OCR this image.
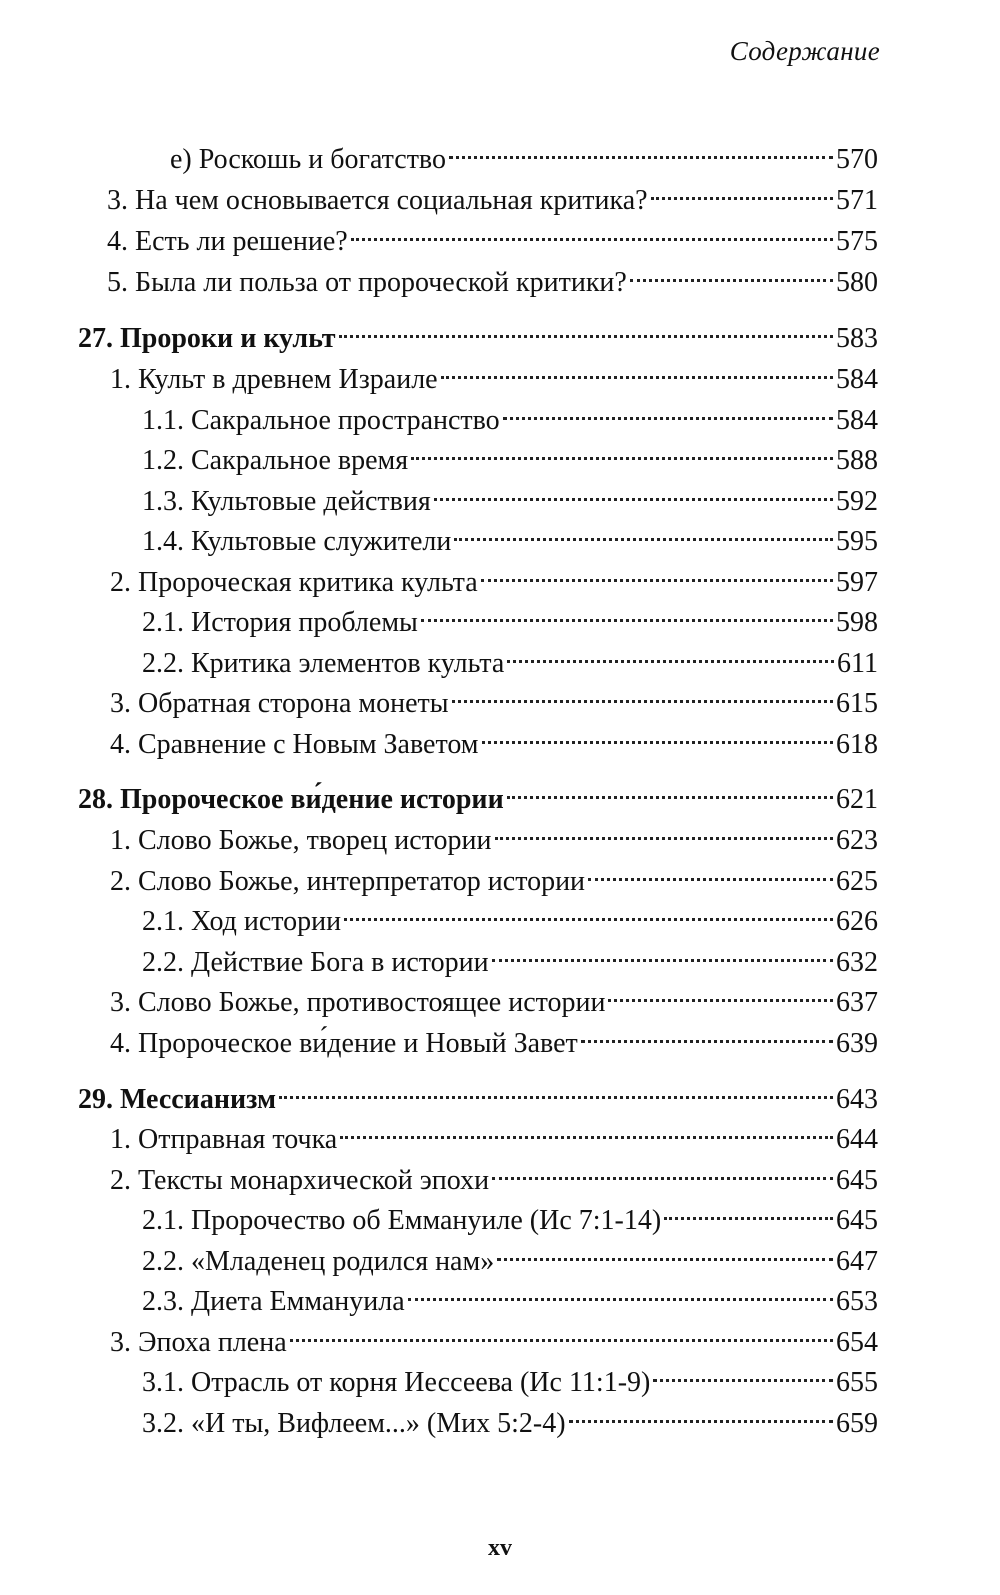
Содержание
е) Роскошь и богатство	570
3. На чем основывается социальная критика?	571
4. Есть ли решение?	575
5. Была ли польза от пророческой критики?	580
27. Пророки и культ	583
1. Культ в древнем Израиле	584
1.1. Сакральное пространство	584
1.2. Сакральное время	588
1.3. Культовые действия	592
1.4. Культовые служители	595
2. Пророческая критика культа	597
2.1. История проблемы	598
2.2. Критика элементов культа	611
3. Обратная сторона монеты	615
4. Сравнение с Новым Заветом	618
28. Пророческое ви́дение истории	621
1. Слово Божье, творец истории	623
2. Слово Божье, интерпретатор истории	625
2.1. Ход истории	626
2.2. Действие Бога в истории	632
3. Слово Божье, противостоящее истории	637
4. Пророческое ви́дение и Новый Завет	639
29. Мессианизм	643
1. Отправная точка	644
2. Тексты монархической эпохи	645
2.1. Пророчество об Еммануиле (Ис 7:1-14)	645
2.2. «Младенец родился нам»	647
2.3. Диета Еммануила	653
3. Эпоха плена	654
3.1. Отрасль от корня Иессеева (Ис 11:1-9)	655
3.2. «И ты, Вифлеем...» (Мих 5:2-4)	659
xv
